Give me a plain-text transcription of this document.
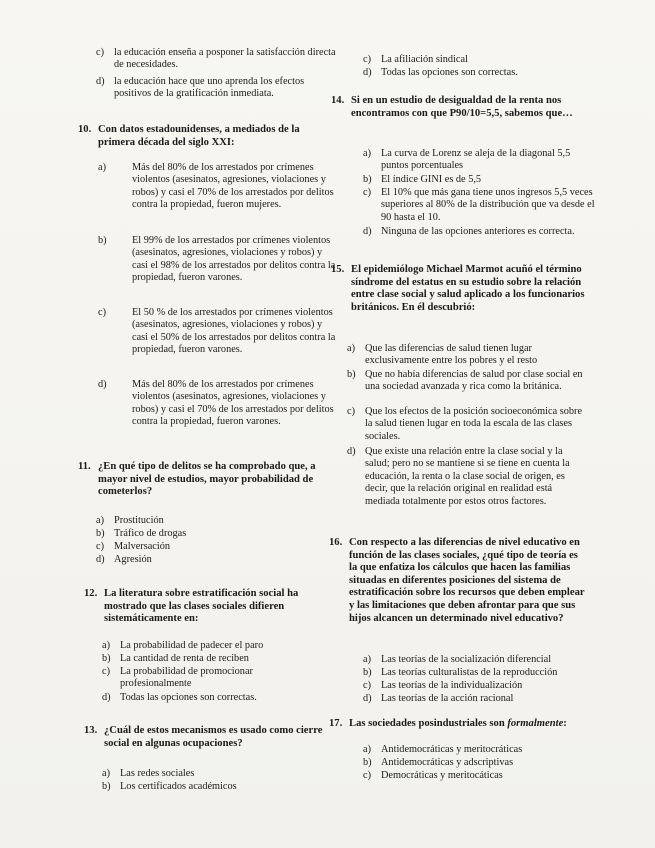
c) la educación enseña a posponer la satisfacción directa de necesidades.
d) la educación hace que uno aprenda los efectos positivos de la gratificación inmediata.
10. Con datos estadounidenses, a mediados de la primera década del siglo XXI:
a)	Más del 80% de los arrestados por crímenes violentos (asesinatos, agresiones, violaciones y robos) y casi el 70% de los arrestados por delitos contra la propiedad, fueron mujeres.
b) El 99% de los arrestados por crímenes violentos (asesinatos, agresiones, violaciones y robos) y casi el 98% de los arrestados por delitos contra la propiedad, fueron varones.
c)	El 50 % de los arrestados por crímenes violentos (asesinatos, agresiones, violaciones y robos) y casi el 50% de los arrestados por delitos contra la propiedad, fueron varones.
d) Más del 80% de los arrestados por crímenes violentos (asesinatos, agresiones, violaciones y robos) y casi el 70% de los arrestados por delitos contra la propiedad, fueron varones.
11. ¿En qué tipo de delitos se ha comprobado que, a mayor nivel de estudios, mayor probabilidad de cometerlos?
a) Prostitución
b) Tráfico de drogas
c) Malversación
d) Agresión
12. La literatura sobre estratificación social ha mostrado que las clases sociales difieren sistemáticamente en:
a) La probabilidad de padecer el paro
b) La cantidad de renta de reciben
c) La probabilidad de promocionar profesionalmente
d) Todas las opciones son correctas.
13. ¿Cuál de estos mecanismos es usado como cierre social en algunas ocupaciones?
a) Las redes sociales
b) Los certificados académicos
c) La afiliación sindical
d) Todas las opciones son correctas.
14. Si en un estudio de desigualdad de la renta nos encontramos con que P90/10=5,5, sabemos que…
a) La curva de Lorenz se aleja de la diagonal 5,5 puntos porcentuales
b) El índice GINI es de 5,5
c) El 10% que más gana tiene unos ingresos 5,5 veces superiores al 80% de la distribución que va desde el 90 hasta el 10.
d) Ninguna de las opciones anteriores es correcta.
15. El epidemiólogo Michael Marmot acuñó el término síndrome del estatus en su estudio sobre la relación entre clase social y salud aplicado a los funcionarios británicos. En él descubrió:
a) Que las diferencias de salud tienen lugar exclusivamente entre los pobres y el resto
b) Que no había diferencias de salud por clase social en una sociedad avanzada y rica como la británica.
c) Que los efectos de la posición socioeconómica sobre la salud tienen lugar en toda la escala de las clases sociales.
d) Que existe una relación entre la clase social y la salud; pero no se mantiene si se tiene en cuenta la educación, la renta o la clase social de origen, es decir, que la relación original en realidad está mediada totalmente por estos otros factores.
16. Con respecto a las diferencias de nivel educativo en función de las clases sociales, ¿qué tipo de teoría es la que enfatiza los cálculos que hacen las familias situadas en diferentes posiciones del sistema de estratificación sobre los recursos que deben emplear y las limitaciones que deben afrontar para que sus hijos alcancen un determinado nivel educativo?
a) Las teorías de la socialización diferencial
b) Las teorías culturalistas de la reproducción
c) Las teorías de la individualización
d) Las teorías de la acción racional
17. Las sociedades posindustriales son formalmente:
a) Antidemocráticas y meritocráticas
b) Antidemocráticas y adscriptivas
c) Democráticas y meritocáticas
